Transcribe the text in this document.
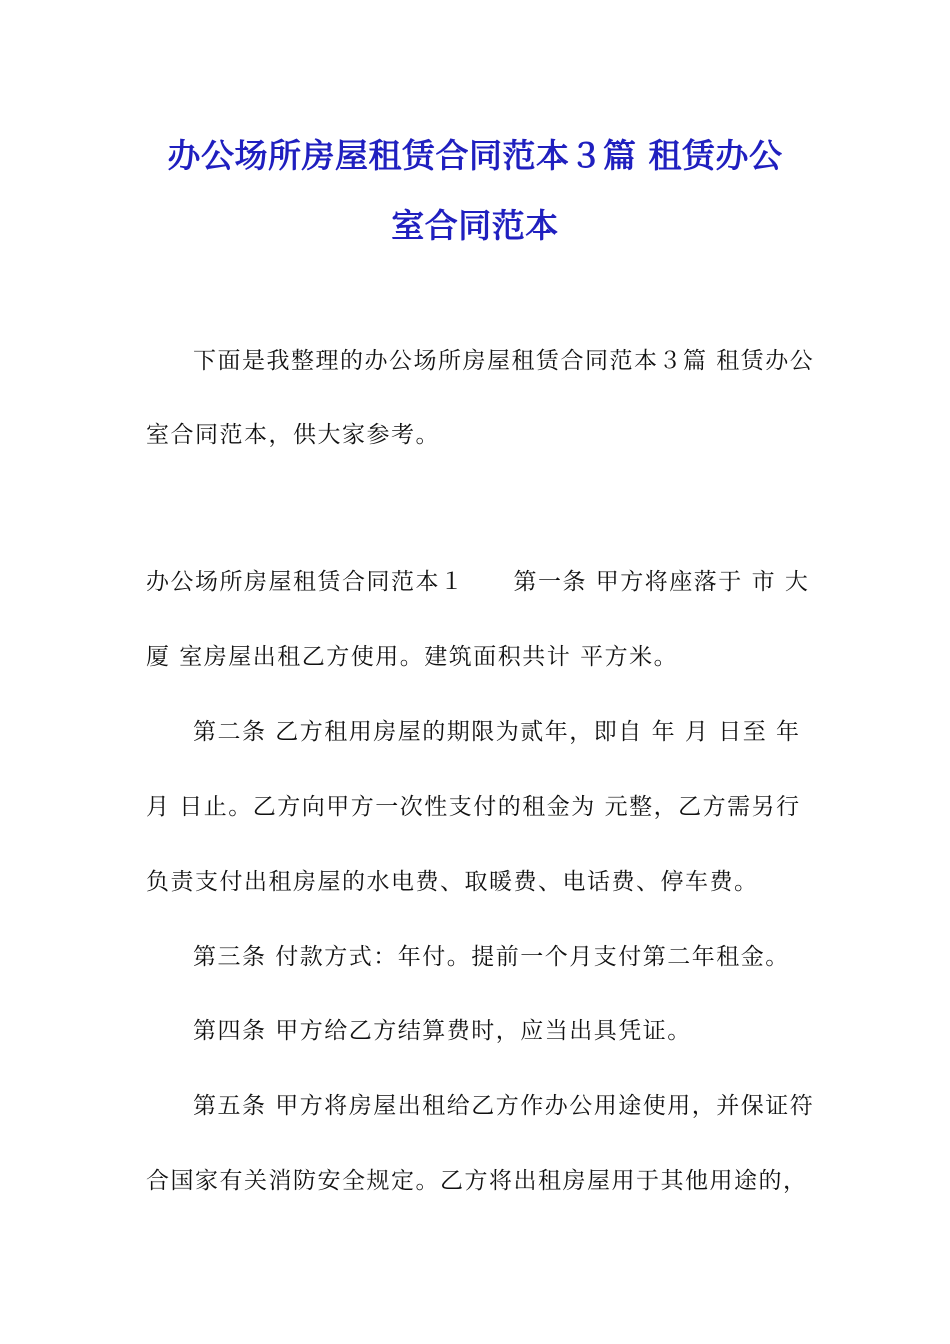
办公场所房屋租赁合同范本３篇 租赁办公
室合同范本
下面是我整理的办公场所房屋租赁合同范本３篇 租赁办公
室合同范本，供大家参考。
办公场所房屋租赁合同范本１　　第一条 甲方将座落于 市 大
厦 室房屋出租乙方使用。建筑面积共计 平方米。
第二条 乙方租用房屋的期限为贰年，即自 年 月 日至 年
月 日止。乙方向甲方一次性支付的租金为 元整，乙方需另行
负责支付出租房屋的水电费、取暖费、电话费、停车费。
第三条 付款方式：年付。提前一个月支付第二年租金。
第四条 甲方给乙方结算费时，应当出具凭证。
第五条 甲方将房屋出租给乙方作办公用途使用，并保证符
合国家有关消防安全规定。乙方将出租房屋用于其他用途的，
